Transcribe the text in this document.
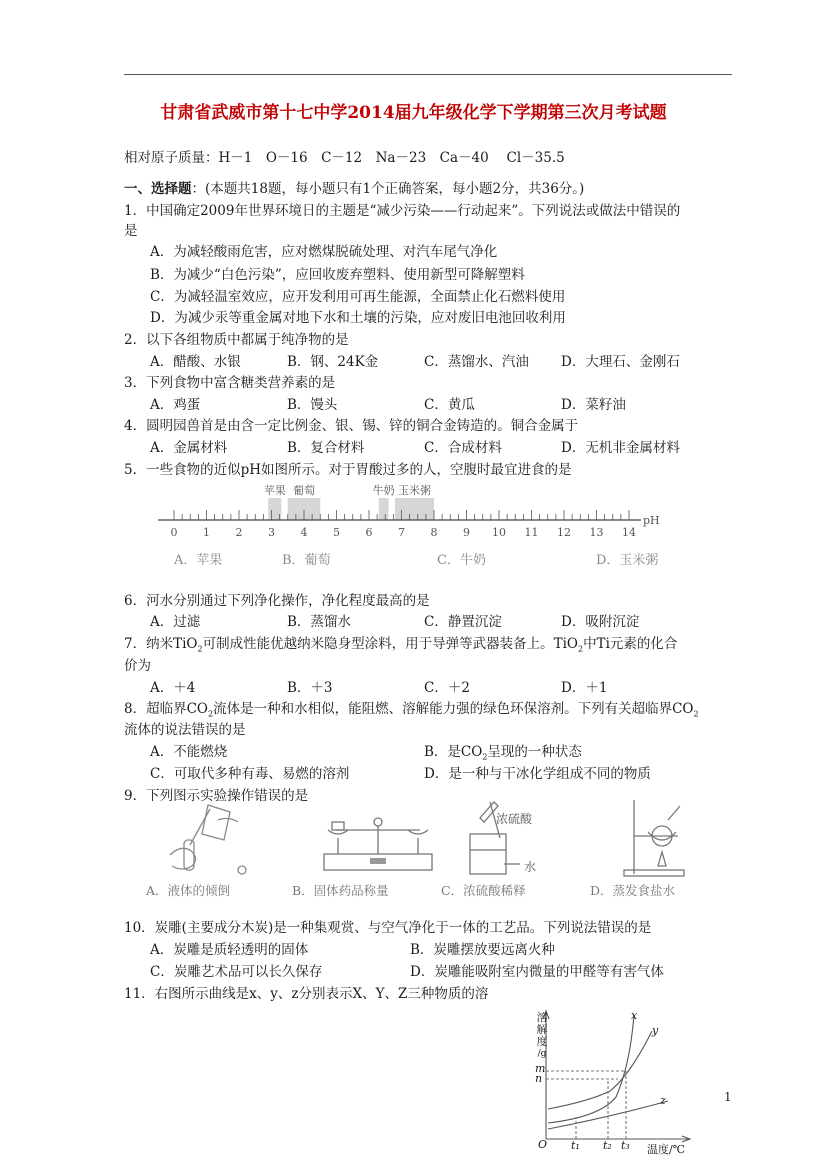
甘肃省武威市第十七中学2014届九年级化学下学期第三次月考试题
相对原子质量：H－1　O－16　C－12　Na－23　Ca－40　 Cl－35.5
一、选择题：(本题共18题，每小题只有1个正确答案，每小题2分，共36分。)
1．中国确定2009年世界环境日的主题是“减少污染——行动起来”。下列说法或做法中错误的
是
A．为减轻酸雨危害，应对燃煤脱硫处理、对汽车尾气净化
B．为减少“白色污染”，应回收废弃塑料、使用新型可降解塑料
C．为减轻温室效应，应开发利用可再生能源，全面禁止化石燃料使用
D．为减少汞等重金属对地下水和土壤的污染，应对废旧电池回收利用
2．以下各组物质中都属于纯净物的是
A．醋酸、水银	B．钢、24K金	C．蒸馏水、汽油 D．大理石、金刚石
3．下列食物中富含糖类营养素的是
A．鸡蛋	B．馒头	C．黄瓜	D．菜籽油
4．圆明园兽首是由含一定比例金、银、锡、锌的铜合金铸造的。铜合金属于
A．金属材料	B．复合材料	C．合成材料	D．无机非金属材料
5．一些食物的近似pH如图所示。对于胃酸过多的人，空腹时最宜进食的是
苹果 葡萄	牛奶 玉米粥
0 1 2 3 4 5 6 7 8 9 10 11 12 13 14
pH
A．苹果	B．葡萄	C．牛奶	D．玉米粥
6．河水分别通过下列净化操作，净化程度最高的是
A．过滤	B．蒸馏水	C．静置沉淀	D．吸附沉淀
7．纳米TiO$_2$可制成性能优越纳米隐身型涂料，用于导弹等武器装备上。TiO$_2$中Ti元素的化合
价为
A．＋4	B．＋3	C．＋2	D．＋1
8．超临界$CO_2$流体是一种和水相似，能阻燃、溶解能力强的绿色环保溶剂。下列有关超临界$CO_2$
流体的说法错误的是
A．不能燃烧	B．是$CO_2$呈现的一种状态
C．可取代多种有毒、易燃的溶剂	D．是一种与干冰化学组成不同的物质
9．下列图示实验操作错误的是
A．液体的倾倒	B．固体药品称量
浓硫酸
水
C．浓硫酸稀释	D．蒸发食盐水
10．炭雕(主要成分木炭)是一种集观赏、与空气净化于一体的工艺品。下列说法错误的是
A．炭雕是质轻透明的固体	B．炭雕摆放要远离火种
C．炭雕艺术品可以长久保存	D．炭雕能吸附室内微量的甲醛等有害气体
11．右图所示曲线是x、y、z分别表示X、Y、Z三种物质的溶
溶
解
度
/g
m
n
O t₁ t₂ t₃ 温度/℃
x
y
z	1
